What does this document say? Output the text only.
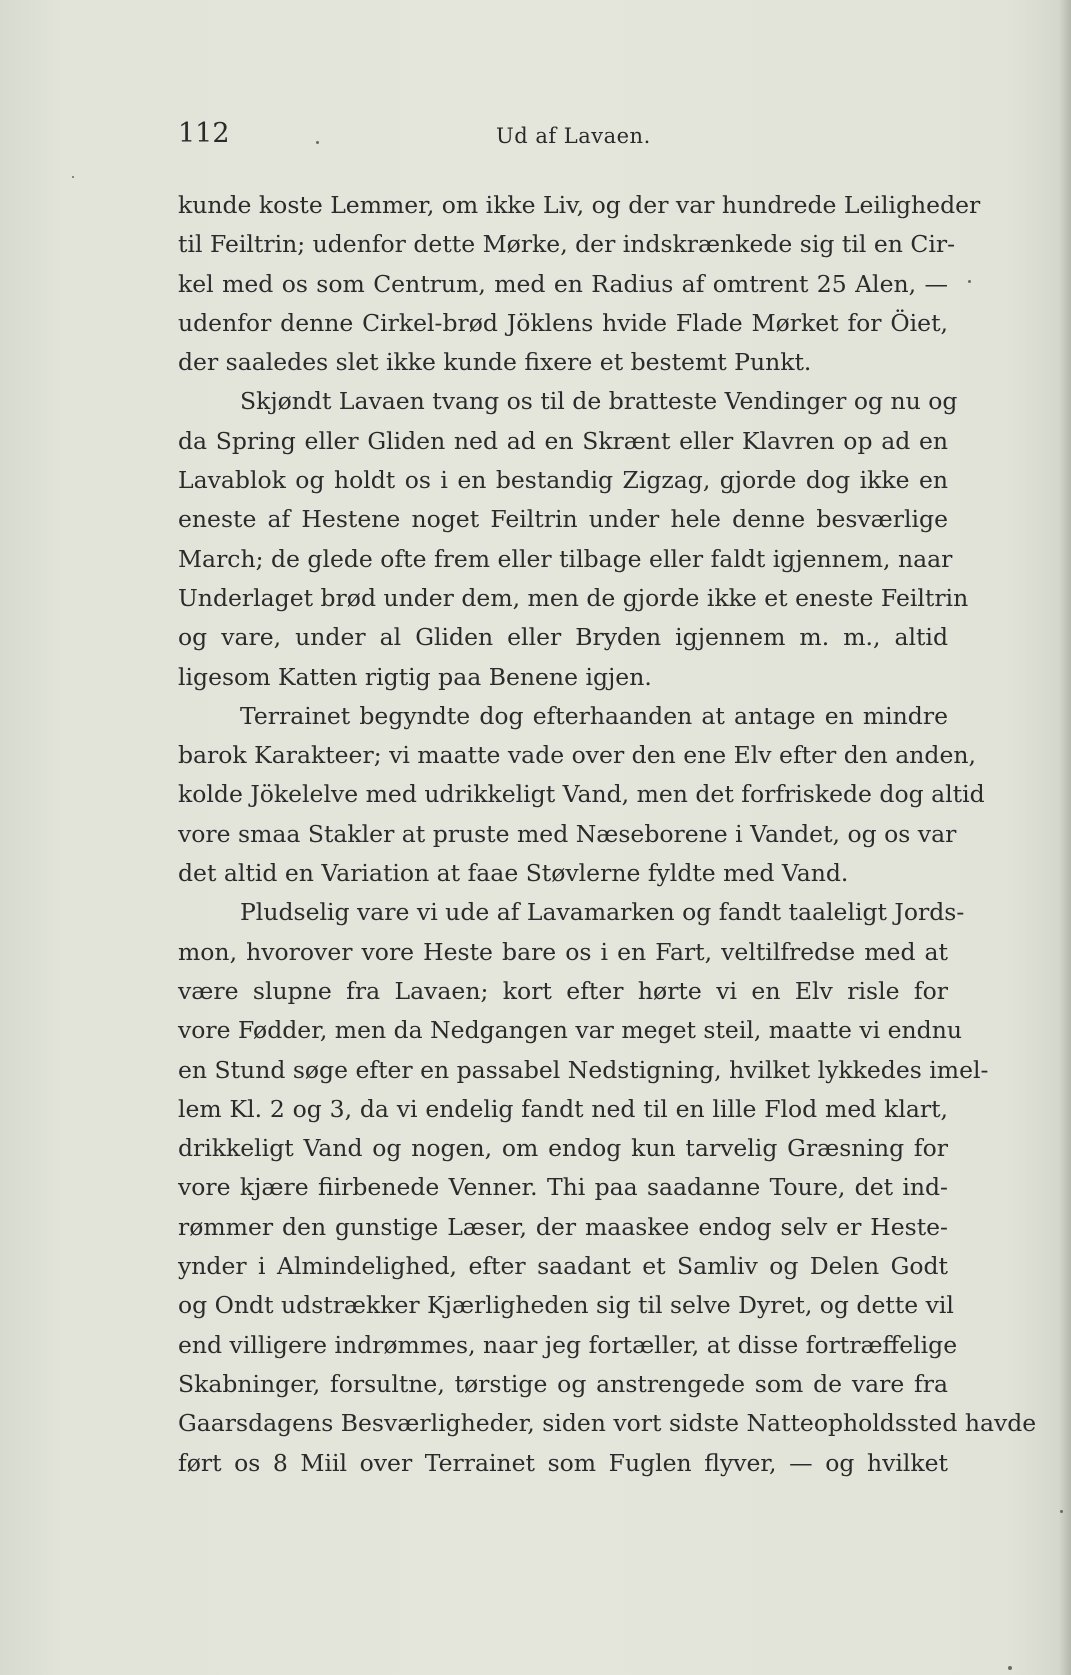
112	Ud af Lavaen.
kunde koste Lemmer, om ikke Liv, og der var hundrede Leiligheder
til Feiltrin; udenfor dette Mørke, der indskrænkede sig til en Cir-
kel med os som Centrum, med en Radius af omtrent 25 Alen, —
udenfor denne Cirkel-brød Jöklens hvide Flade Mørket for Öiet,
der saaledes slet ikke kunde fixere et bestemt Punkt.
Skjøndt Lavaen tvang os til de bratteste Vendinger og nu og
da Spring eller Gliden ned ad en Skrænt eller Klavren op ad en
Lavablok og holdt os i en bestandig Zigzag, gjorde dog ikke en
eneste af Hestene noget Feiltrin under hele denne besværlige
March; de glede ofte frem eller tilbage eller faldt igjennem, naar
Underlaget brød under dem, men de gjorde ikke et eneste Feiltrin
og vare, under al Gliden eller Bryden igjennem m. m., altid
ligesom Katten rigtig paa Benene igjen.
Terrainet begyndte dog efterhaanden at antage en mindre
barok Karakteer; vi maatte vade over den ene Elv efter den anden,
kolde Jökelelve med udrikkeligt Vand, men det forfriskede dog altid
vore smaa Stakler at pruste med Næseborene i Vandet, og os var
det altid en Variation at faae Støvlerne fyldte med Vand.
Pludselig vare vi ude af Lavamarken og fandt taaleligt Jords-
mon, hvorover vore Heste bare os i en Fart, veltilfredse med at
være slupne fra Lavaen; kort efter hørte vi en Elv risle for
vore Fødder, men da Nedgangen var meget steil, maatte vi endnu
en Stund søge efter en passabel Nedstigning, hvilket lykkedes imel-
lem Kl. 2 og 3, da vi endelig fandt ned til en lille Flod med klart,
drikkeligt Vand og nogen, om endog kun tarvelig Græsning for
vore kjære fiirbenede Venner. Thi paa saadanne Toure, det ind-
rømmer den gunstige Læser, der maaskee endog selv er Heste-
ynder i Almindelighed, efter saadant et Samliv og Delen Godt
og Ondt udstrækker Kjærligheden sig til selve Dyret, og dette vil
end villigere indrømmes, naar jeg fortæller, at disse fortræffelige
Skabninger, forsultne, tørstige og anstrengede som de vare fra
Gaarsdagens Besværligheder, siden vort sidste Natteopholdssted havde
ført os 8 Miil over Terrainet som Fuglen flyver, — og hvilket
